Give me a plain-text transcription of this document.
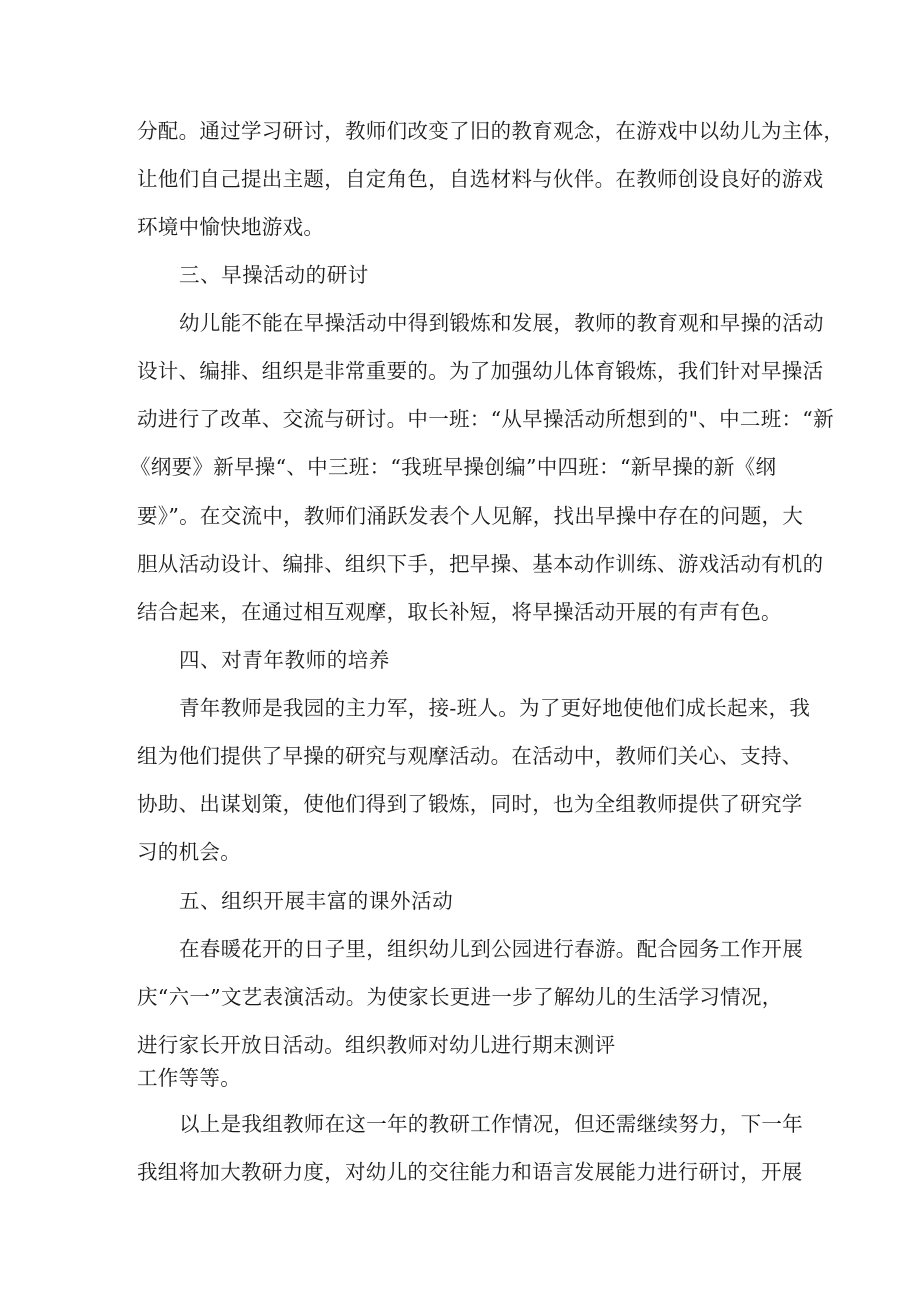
分配。通过学习研讨，教师们改变了旧的教育观念，在游戏中以幼儿为主体，
让他们自己提出主题，自定角色，自选材料与伙伴。在教师创设良好的游戏
环境中愉快地游戏。
三、早操活动的研讨
幼儿能不能在早操活动中得到锻炼和发展，教师的教育观和早操的活动
设计、编排、组织是非常重要的。为了加强幼儿体育锻炼，我们针对早操活
动进行了改革、交流与研讨。中一班：“从早操活动所想到的"、中二班：“新
《纲要》新早操“、中三班：“我班早操创编”中四班：“新早操的新《纲
要》”。在交流中，教师们涌跃发表个人见解，找出早操中存在的问题，大
胆从活动设计、编排、组织下手，把早操、基本动作训练、游戏活动有机的
结合起来，在通过相互观摩，取长补短，将早操活动开展的有声有色。
四、对青年教师的培养
青年教师是我园的主力军，接-班人。为了更好地使他们成长起来，我
组为他们提供了早操的研究与观摩活动。在活动中，教师们关心、支持、
协助、出谋划策，使他们得到了锻炼，同时，也为全组教师提供了研究学
习的机会。
五、组织开展丰富的课外活动
在春暖花开的日子里，组织幼儿到公园进行春游。配合园务工作开展
庆“六一”文艺表演活动。为使家长更进一步了解幼儿的生活学习情况，
进行家长开放日活动。组织教师对幼儿进行期末测评
工作等等。
以上是我组教师在这一年的教研工作情况，但还需继续努力，下一年
我组将加大教研力度，对幼儿的交往能力和语言发展能力进行研讨，开展
